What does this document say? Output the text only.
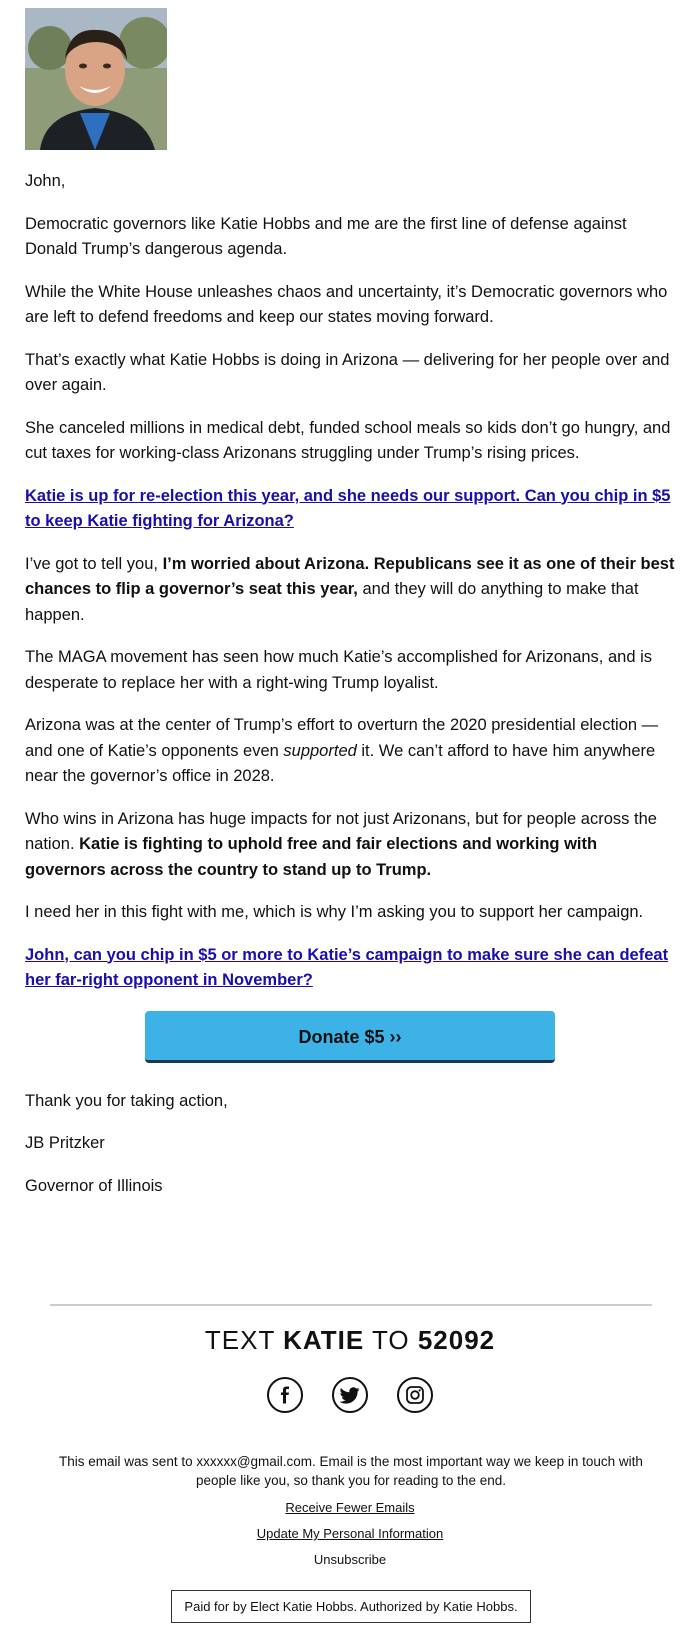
John,

Democratic governors like Katie Hobbs and me are the first line of defense against Donald Trump’s dangerous agenda.

While the White House unleashes chaos and uncertainty, it’s Democratic governors who are left to defend freedoms and keep our states moving forward.

That’s exactly what Katie Hobbs is doing in Arizona — delivering for her people over and over again.

She canceled millions in medical debt, funded school meals so kids don’t go hungry, and cut taxes for working-class Arizonans struggling under Trump’s rising prices.

Katie is up for re-election this year, and she needs our support. Can you chip in $5 to keep Katie fighting for Arizona?

I’ve got to tell you, I’m worried about Arizona. Republicans see it as one of their best chances to flip a governor’s seat this year, and they will do anything to make that happen.

The MAGA movement has seen how much Katie’s accomplished for Arizonans, and is desperate to replace her with a right-wing Trump loyalist.

Arizona was at the center of Trump’s effort to overturn the 2020 presidential election — and one of Katie’s opponents even supported it. We can’t afford to have him anywhere near the governor’s office in 2028.

Who wins in Arizona has huge impacts for not just Arizonans, but for people across the nation. Katie is fighting to uphold free and fair elections and working with governors across the country to stand up to Trump.

I need her in this fight with me, which is why I’m asking you to support her campaign.

John, can you chip in $5 or more to Katie’s campaign to make sure she can defeat her far-right opponent in November?

Donate $5 ››

Thank you for taking action,

JB Pritzker

Governor of Illinois

TEXT KATIE TO 52092
This email was sent to xxxxxx@gmail.com. Email is the most important way we keep in touch with people like you, so thank you for reading to the end.
Receive Fewer Emails
Update My Personal Information
Unsubscribe
Paid for by Elect Katie Hobbs. Authorized by Katie Hobbs.
